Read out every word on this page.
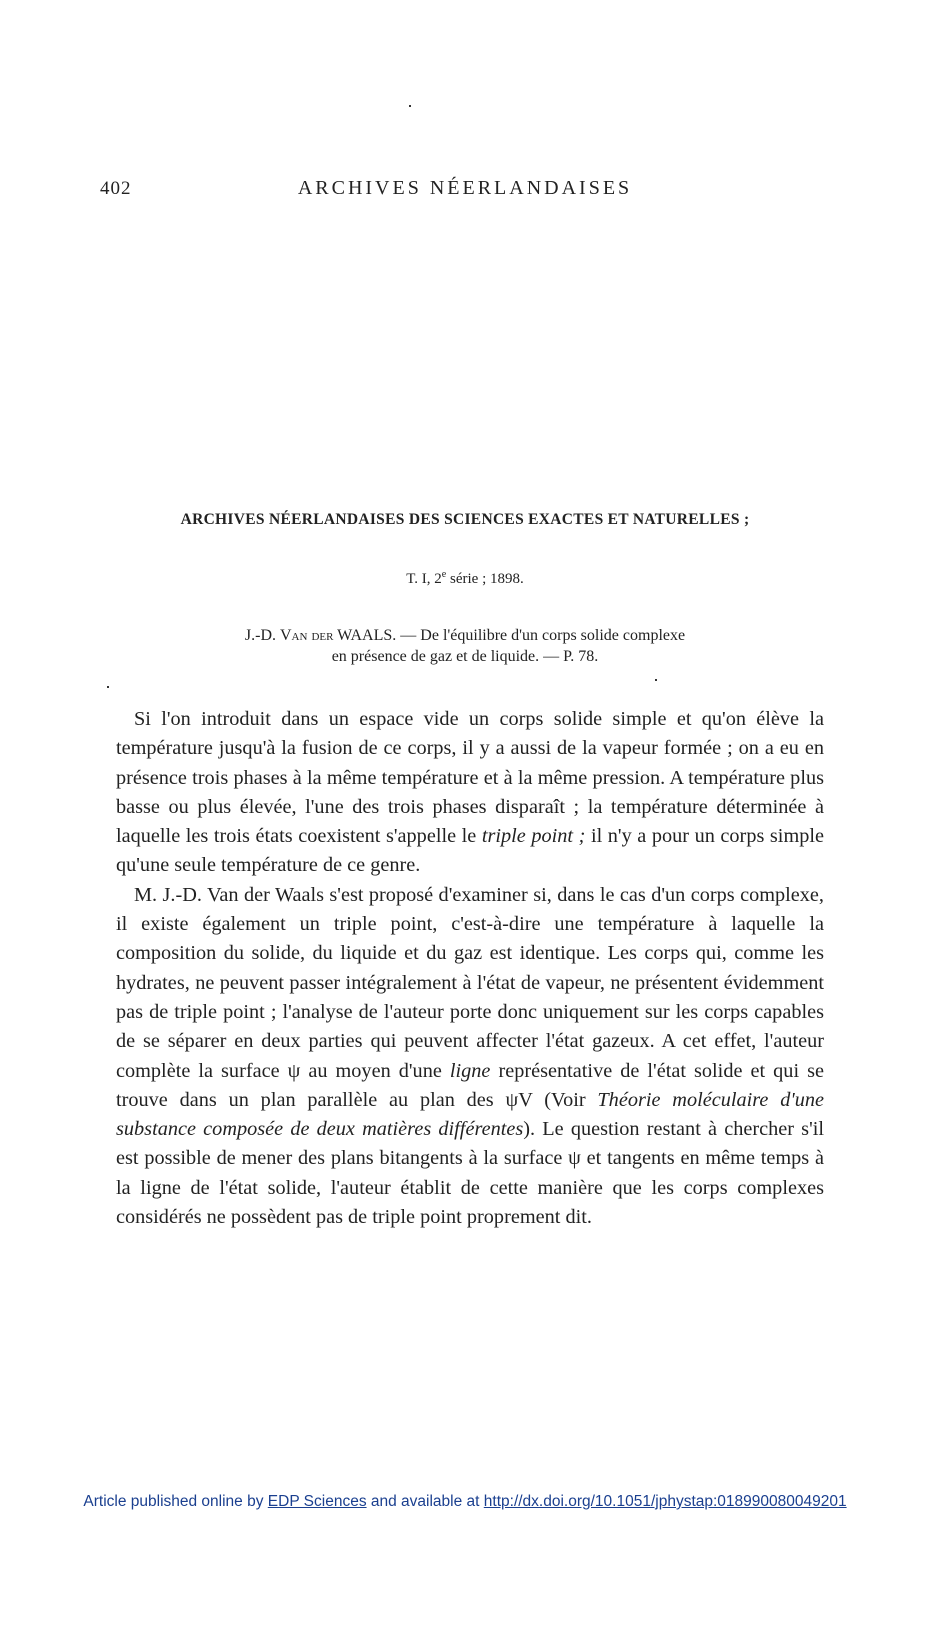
402	ARCHIVES NÉERLANDAISES
ARCHIVES NÉERLANDAISES DES SCIENCES EXACTES ET NATURELLES ;
T. I, 2e série ; 1898.
J.-D. Van der WAALS. — De l'équilibre d'un corps solide complexe
en présence de gaz et de liquide. — P. 78.

Si l'on introduit dans un espace vide un corps solide simple et qu'on élève la température jusqu'à la fusion de ce corps, il y a aussi de la vapeur formée ; on a eu en présence trois phases à la même température et à la même pression. A température plus basse ou plus élevée, l'une des trois phases disparaît ; la température déterminée à laquelle les trois états coexistent s'appelle le triple point ; il n'y a pour un corps simple qu'une seule température de ce genre.

M. J.-D. Van der Waals s'est proposé d'examiner si, dans le cas d'un corps complexe, il existe également un triple point, c'est-à-dire une température à laquelle la composition du solide, du liquide et du gaz est identique. Les corps qui, comme les hydrates, ne peuvent passer intégralement à l'état de vapeur, ne présentent évidemment pas de triple point ; l'analyse de l'auteur porte donc uniquement sur les corps capables de se séparer en deux parties qui peuvent affecter l'état gazeux. A cet effet, l'auteur complète la surface ψ au moyen d'une ligne représentative de l'état solide et qui se trouve dans un plan parallèle au plan des ψV (Voir Théorie moléculaire d'une substance composée de deux matières différentes). Le question restant à chercher s'il est possible de mener des plans bitangents à la surface ψ et tangents en même temps à la ligne de l'état solide, l'auteur établit de cette manière que les corps complexes considérés ne possèdent pas de triple point proprement dit.

Article published online by EDP Sciences and available at http://dx.doi.org/10.1051/jphystap:018990080049201
